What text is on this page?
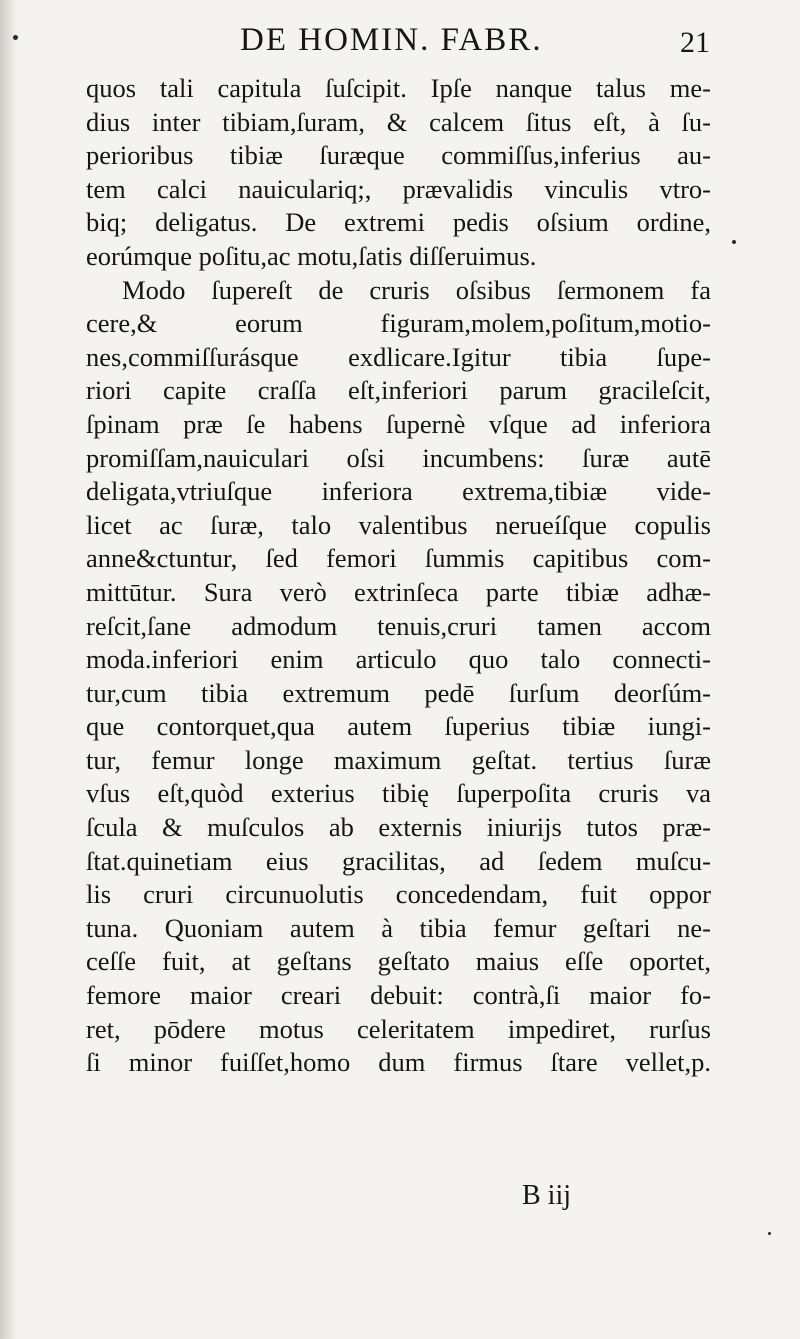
DE HOMIN. FABR.	21
quos tali capitula ſuſcipit. Ipſe nanque talus me-
dius inter tibiam,ſuram, & calcem ſitus eſt, à ſu-
perioribus tibiæ ſuræque commiſſus,inferius au-
tem calci nauiculariq;, prævalidis vinculis vtro-
biq; deligatus. De extremi pedis oſsium ordine,
eorúmque poſitu,ac motu,ſatis diſſeruimus.
Modo ſupereſt de cruris oſsibus ſermonem fa
cere,& eorum figuram,molem,poſitum,motio-
nes,commiſſurásque exdlicare.Igitur tibia ſupe-
riori capite craſſa eſt,inferiori parum gracileſcit,
ſpinam præ ſe habens ſupernè vſque ad inferiora
promiſſam,nauiculari oſsi incumbens: ſuræ autē
deligata,vtriuſque inferiora extrema,tibiæ vide-
licet ac ſuræ, talo valentibus nerueíſque copulis
anne&ctuntur, ſed femori ſummis capitibus com-
mittūtur. Sura verò extrinſeca parte tibiæ adhæ-
reſcit,ſane admodum tenuis,cruri tamen accom
moda.inferiori enim articulo quo talo connecti-
tur,cum tibia extremum pedē ſurſum deorſúm-
que contorquet,qua autem ſuperius tibiæ iungi-
tur, femur longe maximum geſtat. tertius ſuræ
vſus eſt,quòd exterius tibię ſuperpoſita cruris va
ſcula & muſculos ab externis iniurijs tutos præ-
ſtat.quinetiam eius gracilitas, ad ſedem muſcu-
lis cruri circunuolutis concedendam, fuit oppor
tuna. Quoniam autem à tibia femur geſtari ne-
ceſſe fuit, at geſtans geſtato maius eſſe oportet,
femore maior creari debuit: contrà,ſi maior fo-
ret, pōdere motus celeritatem impediret, rurſus
ſi minor fuiſſet,homo dum firmus ſtare vellet,p.
B iij
